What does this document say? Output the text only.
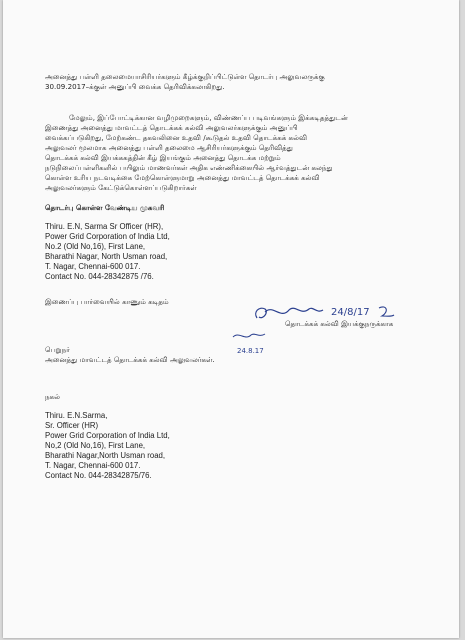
அனைத்து பள்ளி தலைமையாசிரியர்களும் கீழ்க்குறிப்பிட்டுள்ள தொடர்பு அலுவலருக்கு
30.09.2017–க்குள் அனுப்பி வைக்க தெரிவிக்கலாகிறது.
மேலும், இப்போட்டிக்கான வழிமுறைகளும், விண்ணப்ப படிவங்களும் இக்கடிதத்துடன்
இணைத்து அனைத்து மாவட்டத் தொடக்கக் கல்வி அலுவலர்களுக்கும் அனுப்பி
வைக்கப்படுகிறது, மேற்கண்ட தகவலினை உதவி /கூடுதல் உதவி தொடக்கக் கல்வி
அலுவலர் மூலமாக அனைத்து பள்ளி தலைமை ஆசிரியர்களுக்கும் தெரிவித்து
தொடக்கக் கல்வி இயக்ககத்தின் கீழ் இயங்கும் அனைத்து தொடக்க மற்றும்
நடுநிலைப்பள்ளிகளில் பயிலும் மாணவர்கள் அதிக எண்ணிக்கையில் ஆர்வத்துடன் கலந்து
கொள்ள உரிய நடவடிக்கை மேற்கொள்ளுமாறு அனைத்து மாவட்டத் தொடக்கக் கல்வி
அலுவலர்களும் கேட்டுக்கொள்ளப்படுகிறார்கள்
தொடர்பு கொள்ள வேண்டிய முகவரி
Thiru. E.N, Sarma Sr Officer (HR),
Power Grid Corporation of India Ltd,
No.2 (Old No,16), First Lane,
Bharathi Nagar, North Usman road,
T. Nagar, Chennai-600 017.
Contact No. 044-28342875 /76.
இணைப்பு பார்வையில் காணும் கடிதம்
24/8/17
தொடக்கக் கல்வி இயக்குநருக்காக
24.8.17
பெறுநர்
அனைத்து மாவட்டத் தொடக்கக் கல்வி அலுவலர்கள்.
நகல்
Thiru. E.N.Sarma,
Sr. Officer (HR)
Power Grid Corporation of India Ltd,
No,2 (Old No,16), First Lane,
Bharathi Nagar,North Usman road,
T. Nagar, Chennai-600 017.
Contact No. 044-28342875/76.
